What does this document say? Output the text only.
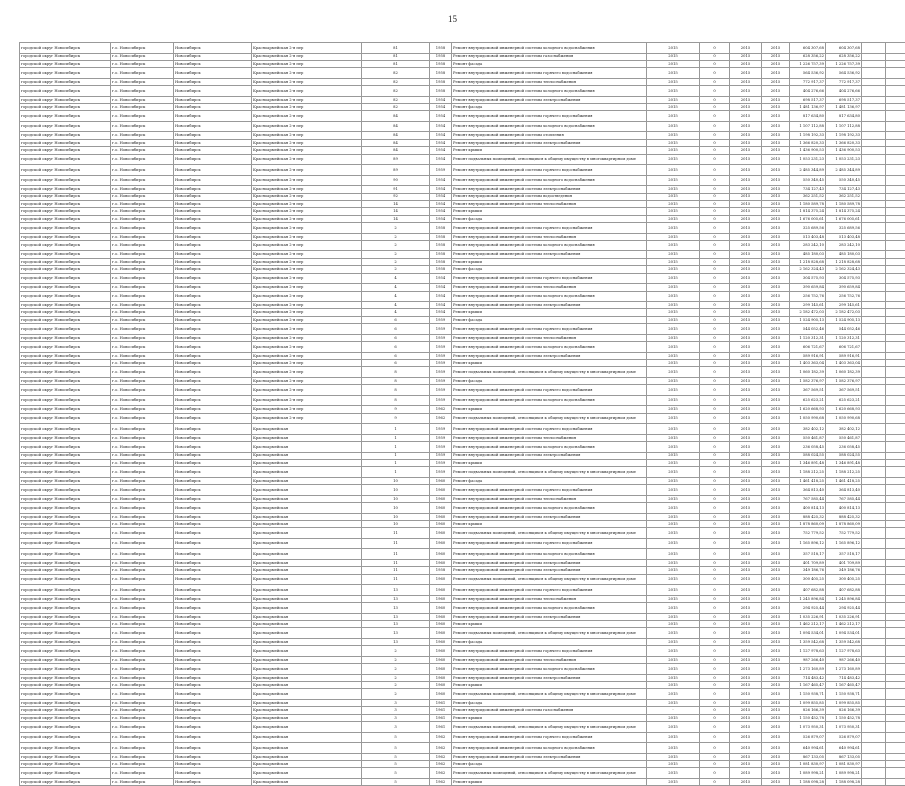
15
городской округ Новосибирск	г.о. Новосибирск	Новосибирск	Красноармейская 2-я пер	81	1958	Ремонт внутридомовой инженерной системы холодного водоснабжения	2015	0	2015	2015	604 307,68	604 307,68			
городской округ Новосибирск	г.о. Новосибирск	Новосибирск	Красноармейская 2-я пер	81	1958	Ремонт внутридомовой инженерной системы газоснабжения	2015	0	2015	2015	628 356,22	628 356,22			
городской округ Новосибирск	г.о. Новосибирск	Новосибирск	Красноармейская 2-я пер	81	1958	Ремонт фасада	2015	0	2015	2015	1 226 757,39	1 226 757,39			
городской округ Новосибирск	г.о. Новосибирск	Новосибирск	Красноармейская 2-я пер	82	1958	Ремонт внутридомовой инженерной системы горячего водоснабжения	2015	0	2015	2015	564 536,92	564 536,92			
городской округ Новосибирск	г.о. Новосибирск	Новосибирск	Красноармейская 2-я пер	82	1958	Ремонт внутридомовой инженерной системы теплоснабжения	2015	0	2015	2015	772 917,37	772 917,37			
городской округ Новосибирск	г.о. Новосибирск	Новосибирск	Красноармейская 2-я пер	82	1958	Ремонт внутридомовой инженерной системы холодного водоснабжения	2015	0	2015	2015	404 276,66	404 276,66			
городской округ Новосибирск	г.о. Новосибирск	Новосибирск	Красноармейская 2-я пер	82	1954	Ремонт внутридомовой инженерной системы электроснабжения	2015	0	2015	2015	698 517,37	698 517,37			
городской округ Новосибирск	г.о. Новосибирск	Новосибирск	Красноармейская 2-я пер	82	1954	Ремонт фасада	2015	0	2015	2015	1 481 136,97	1 481 136,97			
городской округ Новосибирск	г.о. Новосибирск	Новосибирск	Красноармейская 2-я пер	84	1954	Ремонт внутридомовой инженерной системы горячего водоснабжения	2015	0	2015	2015	817 634,80	817 634,80			
городской округ Новосибирск	г.о. Новосибирск	Новосибирск	Красноармейская 2-я пер	84	1954	Ремонт внутридомовой инженерной системы холодного водоснабжения	2015	0	2015	2015	1 107 112,88	1 107 112,88			
городской округ Новосибирск	г.о. Новосибирск	Новосибирск	Красноармейская 2-я пер	84	1954	Ремонт внутридомовой инженерной системы отопления	2015	0	2015	2015	1 198 192,33	1 198 192,33			
городской округ Новосибирск	г.о. Новосибирск	Новосибирск	Красноармейская 2-я пер	84	1954	Ремонт внутридомовой инженерной системы электроснабжения	2015	0	2015	2015	1 366 820,33	1 366 820,33			
городской округ Новосибирск	г.о. Новосибирск	Новосибирск	Красноармейская 2-я пер	84	1954	Ремонт крыши	2015	0	2015	2015	1 436 900,53	1 436 900,53			
городской округ Новосибирск	г.о. Новосибирск	Новосибирск	Красноармейская 2-я пер	89	1954	Ремонт подвальных помещений, относящихся к общему имуществу в многоквартирном доме	2015	0	2015	2015	1 053 231,23	1 053 231,23			
городской округ Новосибирск	г.о. Новосибирск	Новосибирск	Красноармейская 2-я пер	89	1959	Ремонт внутридомовой инженерной системы горячего водоснабжения	2015	0	2015	2015	2 485 344,89	2 485 344,89			
городской округ Новосибирск	г.о. Новосибирск	Новосибирск	Красноармейская 2-я пер	90	1954	Ремонт внутридомовой инженерной системы холодного водоснабжения	2015	0	2015	2015	550 340,45	550 340,45			
городской округ Новосибирск	г.о. Новосибирск	Новосибирск	Красноармейская 2-я пер	91	1954	Ремонт внутридомовой инженерной системы электроснабжения	2015	0	2015	2015	734 127,43	734 127,43			
городской округ Новосибирск	г.о. Новосибирск	Новосибирск	Красноармейская 2-я пер	92	1954	Ремонт внутридомовой инженерной системы водоотведения	2015	0	2015	2015	362 251,52	362 251,52			
городской округ Новосибирск	г.о. Новосибирск	Новосибирск	Красноармейская 2-я пер	14	1954	Ремонт внутридомовой инженерной системы теплоснабжения	2015	0	2015	2015	1 180 589,78	1 180 589,78			
городской округ Новосибирск	г.о. Новосибирск	Новосибирск	Красноармейская 2-я пер	14	1954	Ремонт крыши	2015	0	2015	2015	1 814 375,24	1 814 375,24			
городской округ Новосибирск	г.о. Новосибирск	Новосибирск	Красноармейская 2-я пер	14	1954	Ремонт фасада	2015	0	2015	2015	1 676 005,61	1 676 005,61			
городской округ Новосибирск	г.о. Новосибирск	Новосибирск	Красноармейская 2-я пер	2	1958	Ремонт внутридомовой инженерной системы горячего водоснабжения	2015	0	2015	2015	325 689,56	325 689,56			
городской округ Новосибирск	г.о. Новосибирск	Новосибирск	Красноармейская 2-я пер	2	1958	Ремонт внутридомовой инженерной системы теплоснабжения	2015	0	2015	2015	513 403,48	513 403,48			
городской округ Новосибирск	г.о. Новосибирск	Новосибирск	Красноармейская 2-я пер	2	1958	Ремонт внутридомовой инженерной системы холодного водоснабжения	2015	0	2015	2015	283 242,10	283 242,10			
городской округ Новосибирск	г.о. Новосибирск	Новосибирск	Красноармейская 2-я пер	2	1958	Ремонт внутридомовой инженерной системы электроснабжения	2015	0	2015	2015	485 180,03	485 180,03			
городской округ Новосибирск	г.о. Новосибирск	Новосибирск	Красноармейская 2-я пер	2	1958	Ремонт крыши	2015	0	2015	2015	1 218 828,68	1 218 828,68			
городской округ Новосибирск	г.о. Новосибирск	Новосибирск	Красноармейская 2-я пер	2	1958	Ремонт фасада	2015	0	2015	2015	2 162 324,43	2 162 324,43			
городской округ Новосибирск	г.о. Новосибирск	Новосибирск	Красноармейская 2-я пер	4	1954	Ремонт внутридомовой инженерной системы горячего водоснабжения	2015	0	2015	2015	304 575,93	304 575,93			
городской округ Новосибирск	г.о. Новосибирск	Новосибирск	Красноармейская 2-я пер	4	1954	Ремонт внутридомовой инженерной системы теплоснабжения	2015	0	2015	2015	390 659,84	390 659,84			
городской округ Новосибирск	г.о. Новосибирск	Новосибирск	Красноармейская 2-я пер	4	1954	Ремонт внутридомовой инженерной системы холодного водоснабжения	2015	0	2015	2015	256 752,76	256 752,76			
городской округ Новосибирск	г.о. Новосибирск	Новосибирск	Красноармейская 2-я пер	4	1954	Ремонт внутридомовой инженерной системы электроснабжения	2015	0	2015	2015	299 145,61	299 145,61			
городской округ Новосибирск	г.о. Новосибирск	Новосибирск	Красноармейская 2-я пер	4	1954	Ремонт крыши	2015	0	2015	2015	2 182 472,03	2 182 472,03			
городской округ Новосибирск	г.о. Новосибирск	Новосибирск	Красноармейская 2-я пер	6	1959	Ремонт фасада	2015	0	2015	2015	1 524 905,13	1 524 905,13			
городской округ Новосибирск	г.о. Новосибирск	Новосибирск	Красноармейская 2-я пер	6	1959	Ремонт внутридомовой инженерной системы горячего водоснабжения	2015	0	2015	2015	544 052,46	544 052,46			
городской округ Новосибирск	г.о. Новосибирск	Новосибирск	Красноармейская 2-я пер	6	1959	Ремонт внутридомовой инженерной системы теплоснабжения	2015	0	2015	2015	1 120 312,31	1 120 312,31			
городской округ Новосибирск	г.о. Новосибирск	Новосибирск	Красноармейская 2-я пер	6	1959	Ремонт внутридомовой инженерной системы холодного водоснабжения	2015	0	2015	2015	606 721,67	606 721,67			
городской округ Новосибирск	г.о. Новосибирск	Новосибирск	Красноармейская 2-я пер	6	1959	Ремонт внутридомовой инженерной системы электроснабжения	2015	0	2015	2015	589 916,91	589 916,91			
городской округ Новосибирск	г.о. Новосибирск	Новосибирск	Красноармейская 2-я пер	6	1959	Ремонт крыши	2015	0	2015	2015	1 403 363,04	1 403 363,04			
городской округ Новосибирск	г.о. Новосибирск	Новосибирск	Красноармейская 2-я пер	8	1959	Ремонт подвальных помещений, относящихся к общему имуществу в многоквартирном доме	2015	0	2015	2015	1 060 182,39	1 060 182,39			
городской округ Новосибирск	г.о. Новосибирск	Новосибирск	Красноармейская 2-я пер	8	1959	Ремонт фасада	2015	0	2015	2015	1 582 376,97	1 582 376,97			
городской округ Новосибирск	г.о. Новосибирск	Новосибирск	Красноармейская 2-я пер	8	1959	Ремонт внутридомовой инженерной системы горячего водоснабжения	2015	0	2015	2015	367 569,51	367 569,51			
городской округ Новосибирск	г.о. Новосибирск	Новосибирск	Красноармейская 2-я пер	8	1959	Ремонт внутридомовой инженерной системы холодного водоснабжения	2015	0	2015	2015	625 623,21	625 623,21			
городской округ Новосибирск	г.о. Новосибирск	Новосибирск	Красноармейская 2-я пер	9	1962	Ремонт крыши	2015	0	2015	2015	1 620 668,93	1 620 668,93			
городской округ Новосибирск	г.о. Новосибирск	Новосибирск	Красноармейская 2-я пер	9	1962	Ремонт подвальных помещений, относящихся к общему имуществу в многоквартирном доме	2015	0	2015	2015	1 050 990,68	1 050 990,68			
городской округ Новосибирск	г.о. Новосибирск	Новосибирск	Красноармейская	1	1959	Ремонт внутридомовой инженерной системы горячего водоснабжения	2015	0	2015	2015	382 402,12	382 402,12			
городской округ Новосибирск	г.о. Новосибирск	Новосибирск	Красноармейская	1	1959	Ремонт внутридомовой инженерной системы теплоснабжения	2015	0	2015	2015	550 461,87	550 461,87			
городской округ Новосибирск	г.о. Новосибирск	Новосибирск	Красноармейская	1	1959	Ремонт внутридомовой инженерной системы холодного водоснабжения	2015	0	2015	2015	236 058,45	236 058,45			
городской округ Новосибирск	г.о. Новосибирск	Новосибирск	Красноармейская	1	1959	Ремонт внутридомовой инженерной системы электроснабжения	2015	0	2015	2015	588 024,55	588 024,55			
городской округ Новосибирск	г.о. Новосибирск	Новосибирск	Красноармейская	1	1959	Ремонт крыши	2015	0	2015	2015	1 346 891,48	1 346 891,48			
городской округ Новосибирск	г.о. Новосибирск	Новосибирск	Красноармейская	1	1959	Ремонт подвальных помещений, относящихся к общему имуществу в многоквартирном доме	2015	0	2015	2015	1 188 212,25	1 188 212,25			
городской округ Новосибирск	г.о. Новосибирск	Новосибирск	Красноармейская	10	1960	Ремонт фасада	2015	0	2015	2015	1 461 418,25	1 461 418,25			
городской округ Новосибирск	г.о. Новосибирск	Новосибирск	Красноармейская	10	1960	Ремонт внутридомовой инженерной системы горячего водоснабжения	2015	0	2015	2015	364 813,40	364 813,40			
городской округ Новосибирск	г.о. Новосибирск	Новосибирск	Красноармейская	10	1960	Ремонт внутридомовой инженерной системы теплоснабжения	2015	0	2015	2015	767 585,44	767 585,44			
городской округ Новосибирск	г.о. Новосибирск	Новосибирск	Красноармейская	10	1960	Ремонт внутридомовой инженерной системы холодного водоснабжения	2015	0	2015	2015	400 814,13	400 814,13			
городской округ Новосибирск	г.о. Новосибирск	Новосибирск	Красноармейская	10	1960	Ремонт внутридомовой инженерной системы электроснабжения	2015	0	2015	2015	888 425,32	888 425,32			
городской округ Новосибирск	г.о. Новосибирск	Новосибирск	Красноармейская	10	1960	Ремонт крыши	2015	0	2015	2015	1 878 860,09	1 878 860,09			
городской округ Новосибирск	г.о. Новосибирск	Новосибирск	Красноармейская	11	1960	Ремонт подвальных помещений, относящихся к общему имуществу в многоквартирном доме	2015	0	2015	2015	752 779,52	752 779,52			
городской округ Новосибирск	г.о. Новосибирск	Новосибирск	Красноармейская	11	1960	Ремонт внутридомовой инженерной системы горячего водоснабжения	2015	0	2015	2015	1 165 896,12	1 165 896,12			
городской округ Новосибирск	г.о. Новосибирск	Новосибирск	Красноармейская	11	1960	Ремонт внутридомовой инженерной системы холодного водоснабжения	2015	0	2015	2015	357 518,17	357 518,17			
городской округ Новосибирск	г.о. Новосибирск	Новосибирск	Красноармейская	11	1960	Ремонт внутридомовой инженерной системы электроснабжения	2015	0	2015	2015	401 709,89	401 709,89			
городской округ Новосибирск	г.о. Новосибирск	Новосибирск	Красноармейская	11	1958	Ремонт внутридомовой инженерной системы электроснабжения	2015	0	2015	2015	349 186,76	349 186,76			
городской округ Новосибирск	г.о. Новосибирск	Новосибирск	Красноармейская	11	1960	Ремонт подвальных помещений, относящихся к общему имуществу в многоквартирном доме	2015	0	2015	2015	300 405,25	300 405,25			
городской округ Новосибирск	г.о. Новосибирск	Новосибирск	Красноармейская	13	1960	Ремонт внутридомовой инженерной системы горячего водоснабжения	2015	0	2015	2015	407 682,88	407 682,88			
городской округ Новосибирск	г.о. Новосибирск	Новосибирск	Красноармейская	13	1960	Ремонт внутридомовой инженерной системы теплоснабжения	2015	0	2015	2015	1 245 896,84	1 245 896,84			
городской округ Новосибирск	г.о. Новосибирск	Новосибирск	Красноармейская	13	1960	Ремонт внутридомовой инженерной системы холодного водоснабжения	2015	0	2015	2015	294 925,44	294 925,44			
городской округ Новосибирск	г.о. Новосибирск	Новосибирск	Красноармейская	13	1960	Ремонт внутридомовой инженерной системы электроснабжения	2015	0	2015	2015	1 035 226,91	1 035 226,91			
городской округ Новосибирск	г.о. Новосибирск	Новосибирск	Красноармейская	13	1960	Ремонт крыши	2015	0	2015	2015	1 462 212,17	1 462 212,17			
городской округ Новосибирск	г.о. Новосибирск	Новосибирск	Красноармейская	13	1960	Ремонт подвальных помещений, относящихся к общему имуществу в многоквартирном доме	2015	0	2015	2015	1 094 534,01	1 094 534,01			
городской округ Новосибирск	г.о. Новосибирск	Новосибирск	Красноармейская	13	1960	Ремонт фасада	2015	0	2015	2015	1 359 542,68	1 359 542,68			
городской округ Новосибирск	г.о. Новосибирск	Новосибирск	Красноармейская	2	1960	Ремонт внутридомовой инженерной системы горячего водоснабжения	2015	0	2015	2015	1 127 978,63	1 127 978,63			
городской округ Новосибирск	г.о. Новосибирск	Новосибирск	Красноармейская	2	1960	Ремонт внутридомовой инженерной системы теплоснабжения	2015	0	2015	2015	987 266,40	987 266,40			
городской округ Новосибирск	г.о. Новосибирск	Новосибирск	Красноармейская	2	1960	Ремонт внутридомовой инженерной системы холодного водоснабжения	2015	0	2015	2015	1 273 160,89	1 273 160,89			
городской округ Новосибирск	г.о. Новосибирск	Новосибирск	Красноармейская	2	1960	Ремонт внутридомовой инженерной системы электроснабжения	2015	0	2015	2015	714 483,42	714 483,42			
городской округ Новосибирск	г.о. Новосибирск	Новосибирск	Красноармейская	2	1960	Ремонт крыши	2015	0	2015	2015	1 167 465,47	1 167 465,47			
городской округ Новосибирск	г.о. Новосибирск	Новосибирск	Красноармейская	2	1960	Ремонт подвальных помещений, относящихся к общему имуществу в многоквартирном доме	2015	0	2015	2015	1 150 938,71	1 150 938,71			
городской округ Новосибирск	г.о. Новосибирск	Новосибирск	Красноармейская	3	1961	Ремонт фасада	2015	0	2015	2015	1 099 855,85	1 099 855,85			
городской округ Новосибирск	г.о. Новосибирск	Новосибирск	Красноармейская	3	1961	Ремонт внутридомовой инженерной системы газоснабжения	-	0	2015	2015	826 166,39	826 166,39			
городской округ Новосибирск	г.о. Новосибирск	Новосибирск	Красноармейская	3	1961	Ремонт крыши	2015	0	2015	2015	1 150 452,78	1 150 452,78			
городской округ Новосибирск	г.о. Новосибирск	Новосибирск	Красноармейская	3	1961	Ремонт подвальных помещений, относящихся к общему имуществу в многоквартирном доме	2015	0	2015	2015	1 073 950,31	1 073 950,31			
городской округ Новосибирск	г.о. Новосибирск	Новосибирск	Красноармейская	5	1962	Ремонт внутридомовой инженерной системы горячего водоснабжения	2015	0	2015	2015	526 879,07	526 879,07			
городской округ Новосибирск	г.о. Новосибирск	Новосибирск	Красноармейская	5	1962	Ремонт внутридомовой инженерной системы холодного водоснабжения	2015	0	2015	2015	640 994,61	640 994,61			
городской округ Новосибирск	г.о. Новосибирск	Новосибирск	Красноармейская	5	1962	Ремонт внутридомовой инженерной системы электроснабжения	2015	0	2015	2015	867 133,05	867 133,05			
городской округ Новосибирск	г.о. Новосибирск	Новосибирск	Красноармейская	5	1962	Ремонт фасада	2015	0	2015	2015	1 081 830,97	1 081 830,97			
городской округ Новосибирск	г.о. Новосибирск	Новосибирск	Красноармейская	5	1962	Ремонт подвальных помещений, относящихся к общему имуществу в многоквартирном доме	2015	0	2015	2015	1 089 998,21	1 089 998,21			
городской округ Новосибирск	г.о. Новосибирск	Новосибирск	Красноармейская	5	1962	Ремонт крыши	2015	0	2015	2015	1 188 098,28	1 188 098,28			
